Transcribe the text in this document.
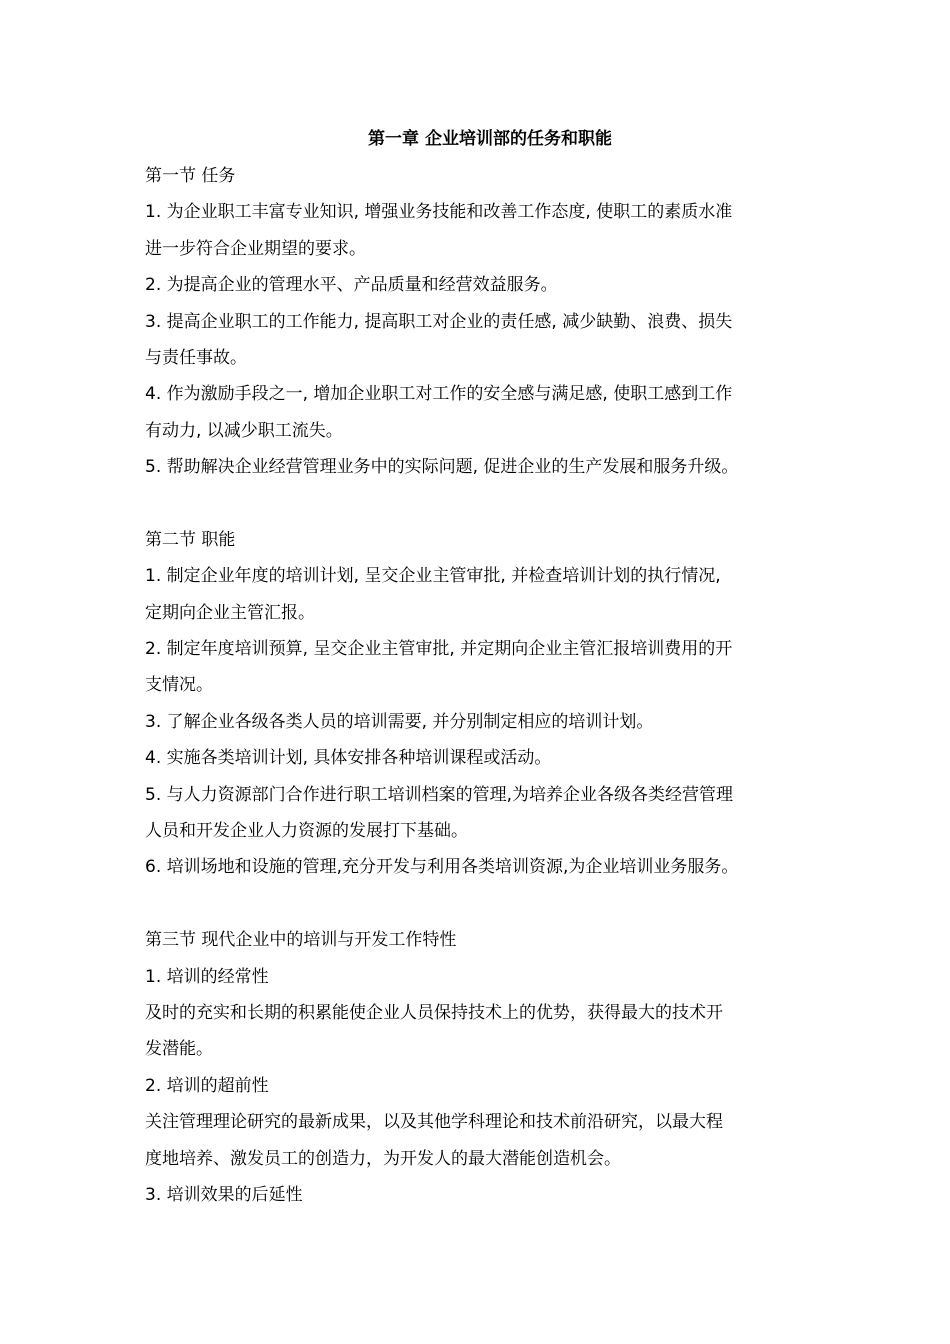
第一章 企业培训部的任务和职能
第一节 任务
1. 为企业职工丰富专业知识, 增强业务技能和改善工作态度, 使职工的素质水准
进一步符合企业期望的要求。
2. 为提高企业的管理水平、产品质量和经营效益服务。
3. 提高企业职工的工作能力, 提高职工对企业的责任感, 减少缺勤、浪费、损失
与责任事故。
4. 作为激励手段之一, 增加企业职工对工作的安全感与满足感, 使职工感到工作
有动力, 以减少职工流失。
5. 帮助解决企业经营管理业务中的实际问题, 促进企业的生产发展和服务升级。
第二节 职能
1. 制定企业年度的培训计划, 呈交企业主管审批, 并检查培训计划的执行情况,
定期向企业主管汇报。
2. 制定年度培训预算, 呈交企业主管审批, 并定期向企业主管汇报培训费用的开
支情况。
3. 了解企业各级各类人员的培训需要, 并分别制定相应的培训计划。
4. 实施各类培训计划, 具体安排各种培训课程或活动。
5. 与人力资源部门合作进行职工培训档案的管理,为培养企业各级各类经营管理
人员和开发企业人力资源的发展打下基础。
6. 培训场地和设施的管理,充分开发与利用各类培训资源,为企业培训业务服务。
第三节 现代企业中的培训与开发工作特性
1. 培训的经常性
及时的充实和长期的积累能使企业人员保持技术上的优势，获得最大的技术开
发潜能。
2. 培训的超前性
关注管理理论研究的最新成果，以及其他学科理论和技术前沿研究，以最大程
度地培养、激发员工的创造力，为开发人的最大潜能创造机会。
3. 培训效果的后延性
